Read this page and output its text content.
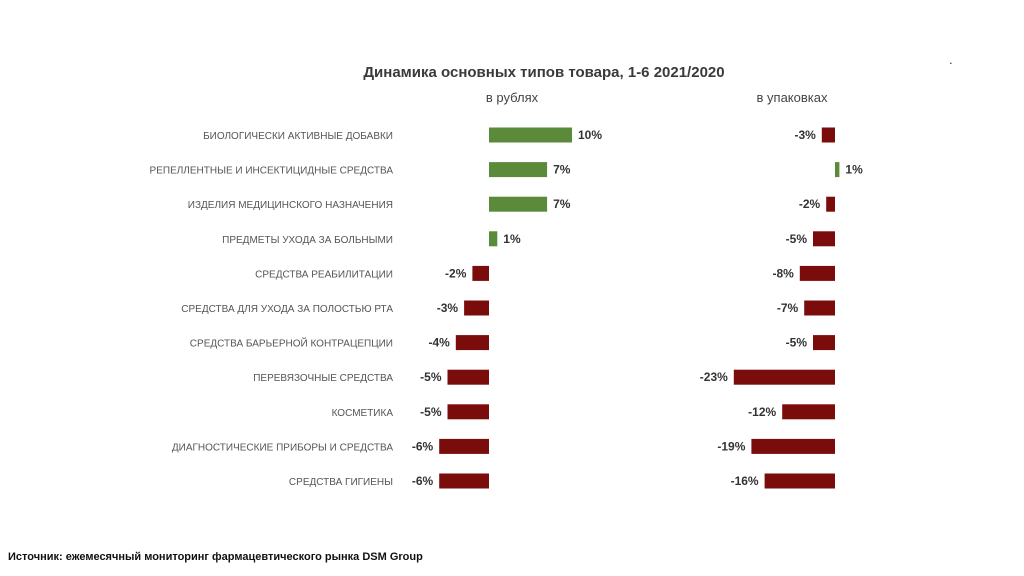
Динамика основных типов товара, 1-6 2021/2020
в рублях	в упаковках
.
БИОЛОГИЧЕСКИ АКТИВНЫЕ ДОБАВКИ	10%	-3%
РЕПЕЛЛЕНТНЫЕ И ИНСЕКТИЦИДНЫЕ СРЕДСТВА	7%	1%
ИЗДЕЛИЯ МЕДИЦИНСКОГО НАЗНАЧЕНИЯ	7%	-2%
ПРЕДМЕТЫ УХОДА ЗА БОЛЬНЫМИ	1%	-5%
СРЕДСТВА РЕАБИЛИТАЦИИ	-2%	-8%
СРЕДСТВА ДЛЯ УХОДА ЗА ПОЛОСТЬЮ РТА	-3%	-7%
СРЕДСТВА БАРЬЕРНОЙ КОНТРАЦЕПЦИИ	-4%	-5%
ПЕРЕВЯЗОЧНЫЕ СРЕДСТВА -5%	-23%
КОСМЕТИКА -5%	-12%
ДИАГНОСТИЧЕСКИЕ ПРИБОРЫ И СРЕДСТВА -6%	-19%
СРЕДСТВА ГИГИЕНЫ -6%	-16%
Источник: ежемесячный мониторинг фармацевтического рынка DSM Group
